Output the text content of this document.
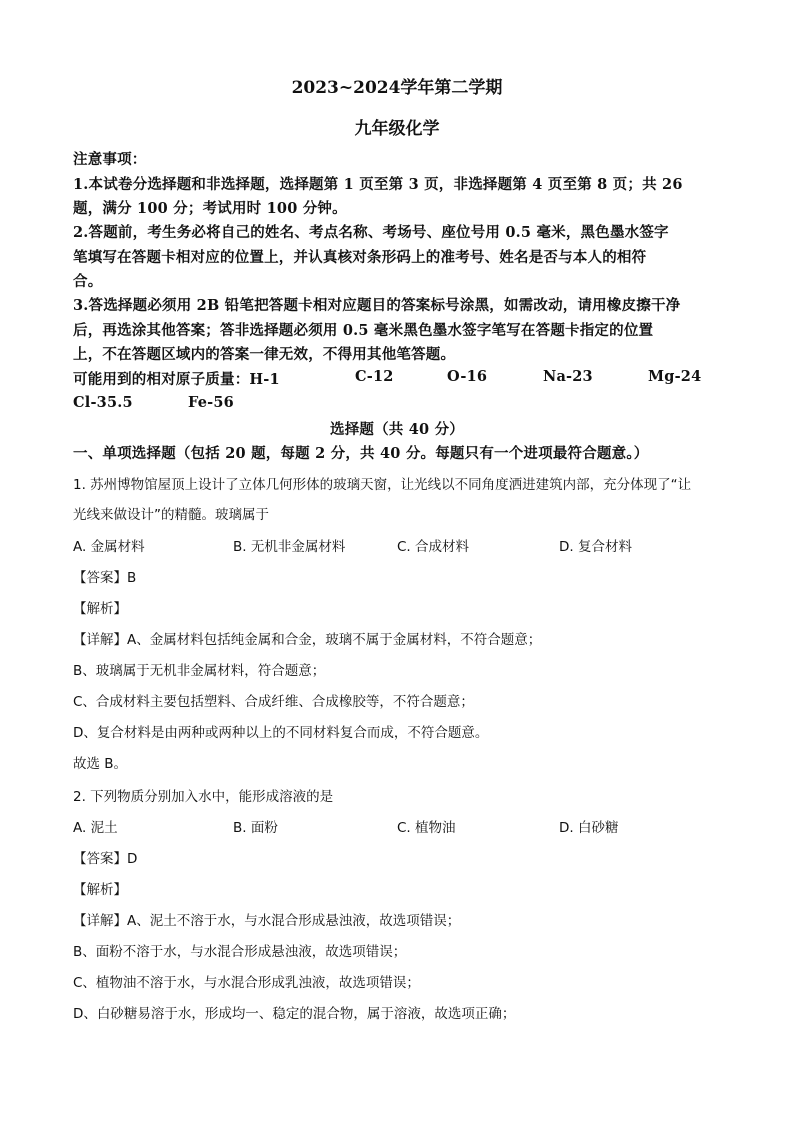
2023~2024学年第二学期
九年级化学
注意事项：
1.本试卷分选择题和非选择题，选择题第 1 页至第 3 页，非选择题第 4 页至第 8 页；共 26
题，满分 100 分；考试用时 100 分钟。
2.答题前，考生务必将自己的姓名、考点名称、考场号、座位号用 0.5 毫米，黑色墨水签字
笔填写在答题卡相对应的位置上，并认真核对条形码上的准考号、姓名是否与本人的相符
合。
3.答选择题必须用 2B 铅笔把答题卡相对应题目的答案标号涂黑，如需改动，请用橡皮擦干净
后，再选涂其他答案；答非选择题必须用 0.5 毫米黑色墨水签字笔写在答题卡指定的位置
上，不在答题区域内的答案一律无效，不得用其他笔答题。
可能用到的相对原子质量：H-1	C-12	O-16	Na-23	Mg-24
Cl-35.5	Fe-56
选择题（共 40 分）
一、单项选择题（包括 20 题，每题 2 分，共 40 分。每题只有一个进项最符合题意。）
1. 苏州博物馆屋顶上设计了立体几何形体的玻璃天窗，让光线以不同角度洒进建筑内部，充分体现了“让
光线来做设计”的精髓。玻璃属于
A. 金属材料	B. 无机非金属材料	C. 合成材料	D. 复合材料
【答案】B
【解析】
【详解】A、金属材料包括纯金属和合金，玻璃不属于金属材料，不符合题意；
B、玻璃属于无机非金属材料，符合题意；
C、合成材料主要包括塑料、合成纤维、合成橡胶等，不符合题意；
D、复合材料是由两种或两种以上的不同材料复合而成，不符合题意。
故选 B。
2. 下列物质分别加入水中，能形成溶液的是
A. 泥土	B. 面粉	C. 植物油	D. 白砂糖
【答案】D
【解析】
【详解】A、泥土不溶于水，与水混合形成悬浊液，故选项错误；
B、面粉不溶于水，与水混合形成悬浊液，故选项错误；
C、植物油不溶于水，与水混合形成乳浊液，故选项错误；
D、白砂糖易溶于水，形成均一、稳定的混合物，属于溶液，故选项正确；
